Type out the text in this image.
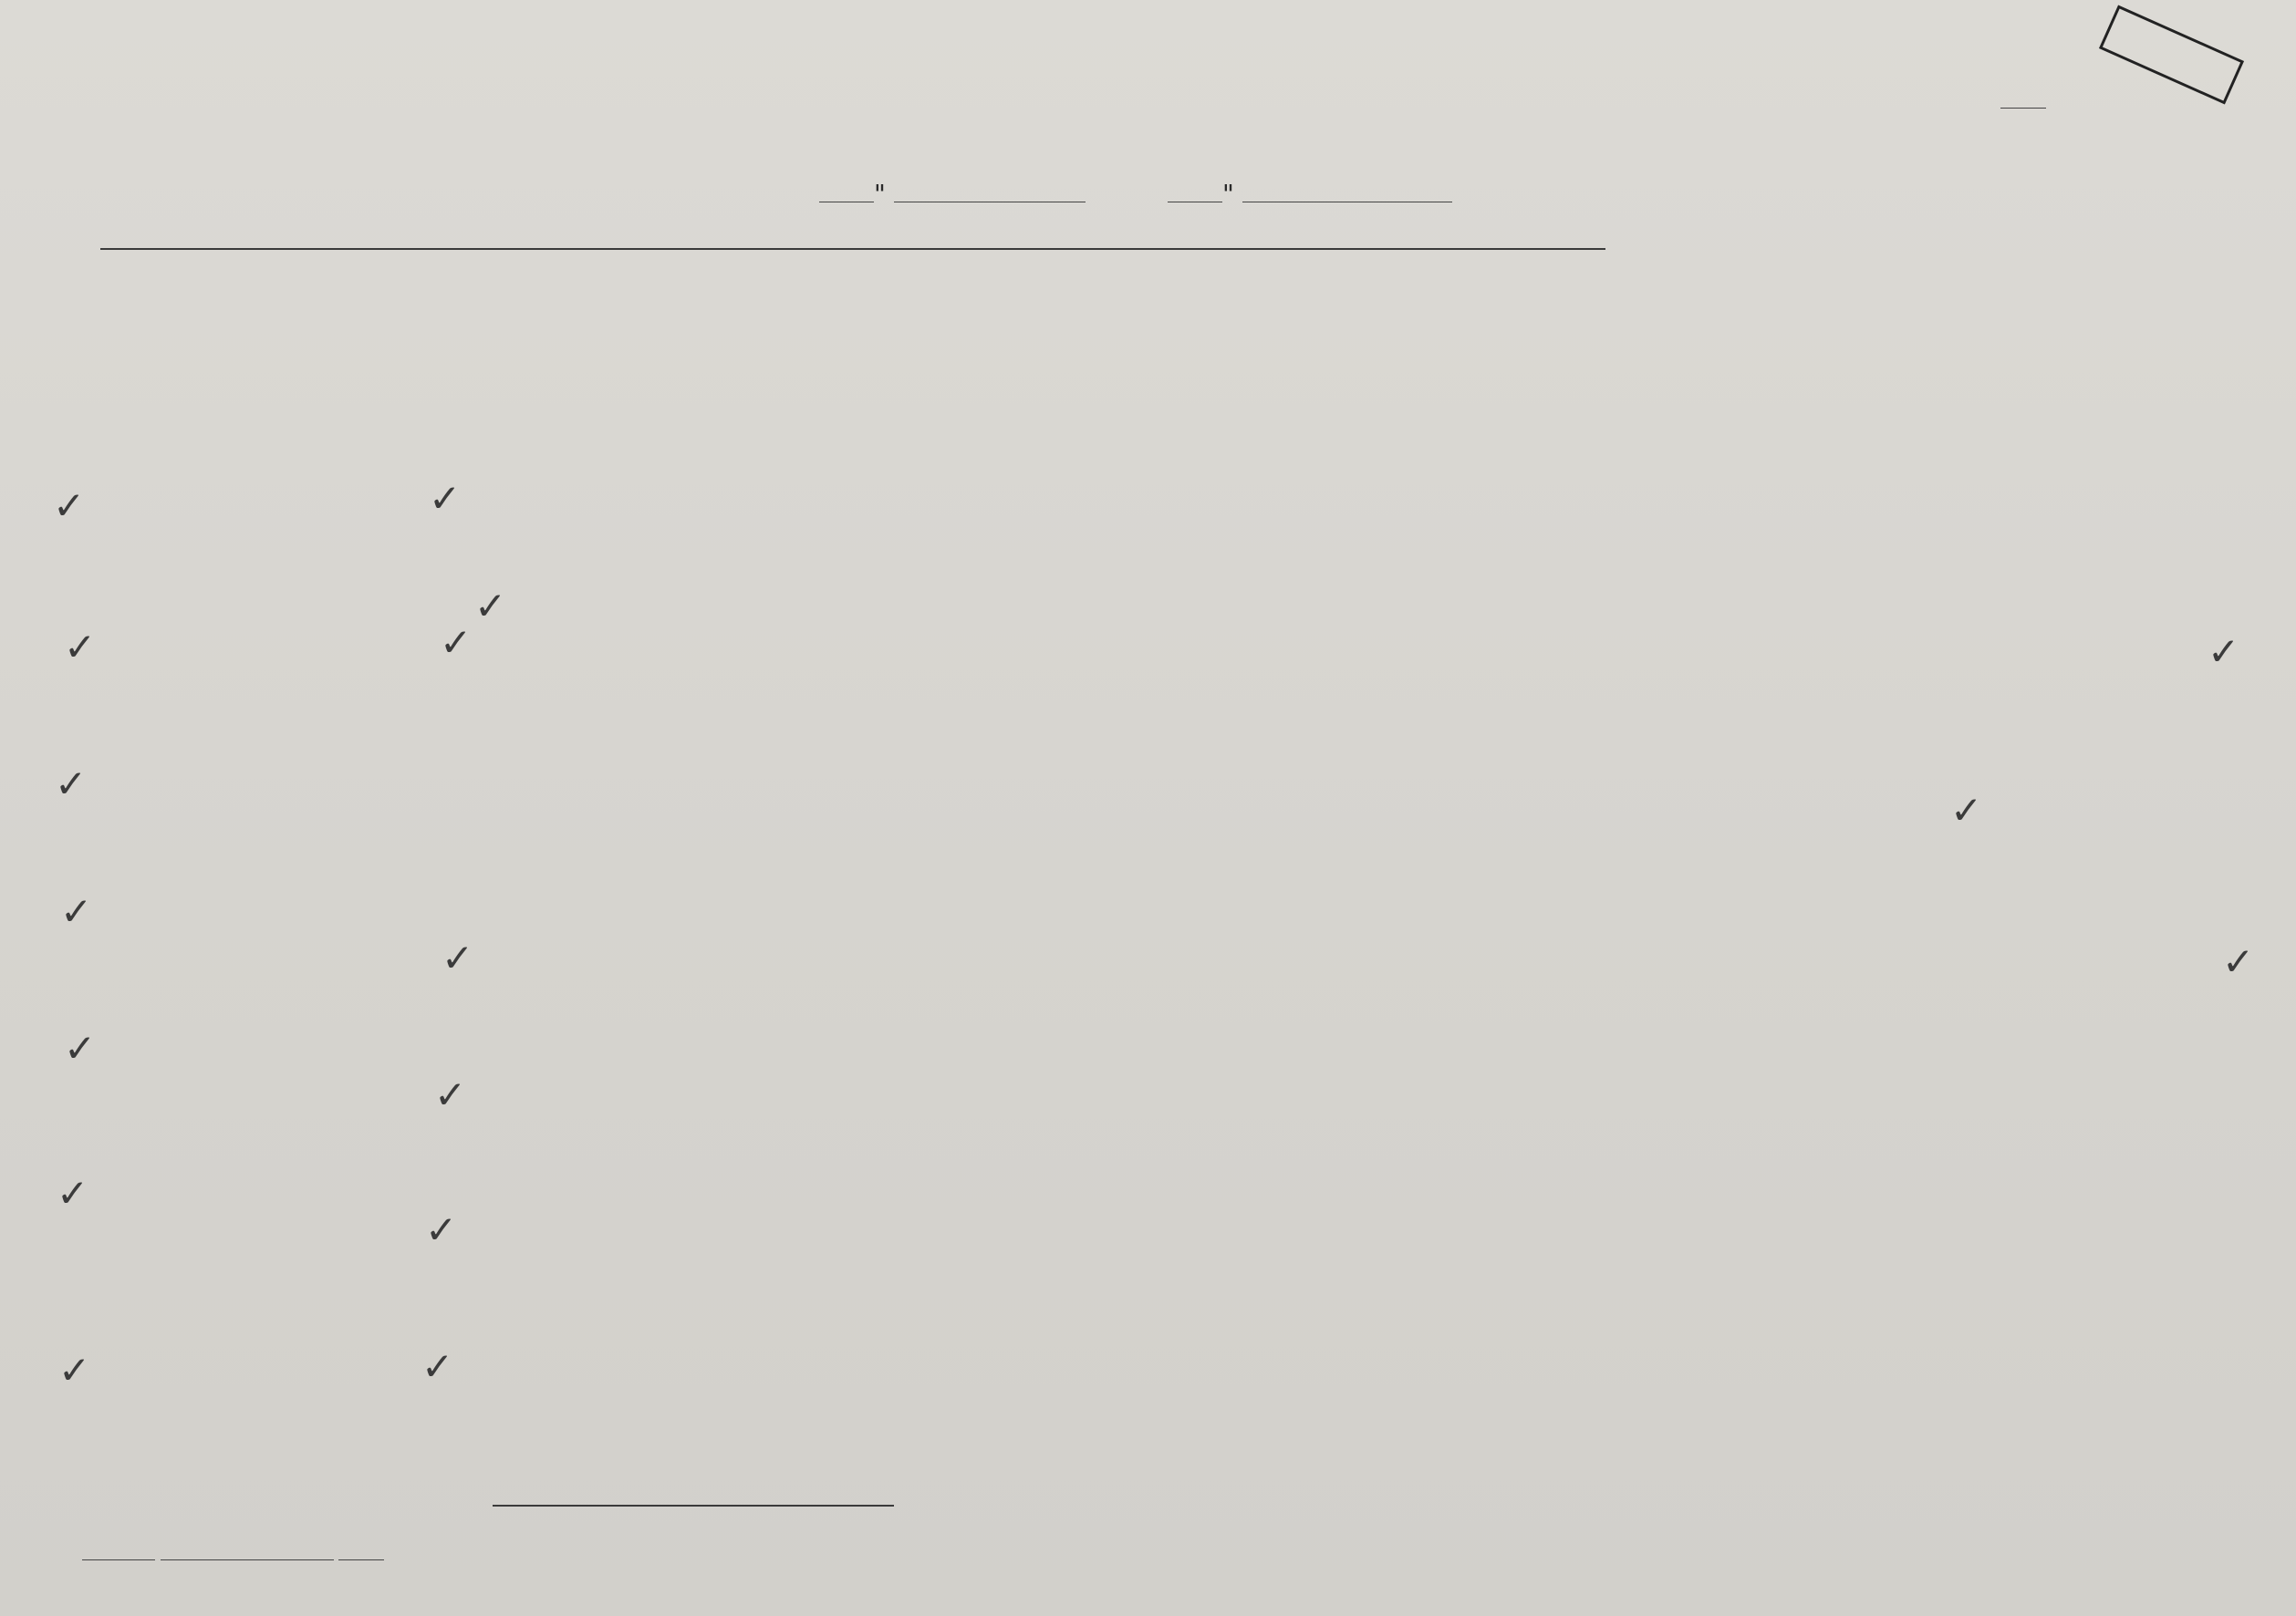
"	"
✓
✓
✓
✓
✓
✓
✓
✓
✓
✓
✓
✓
✓
✓
✓
✓
✓
